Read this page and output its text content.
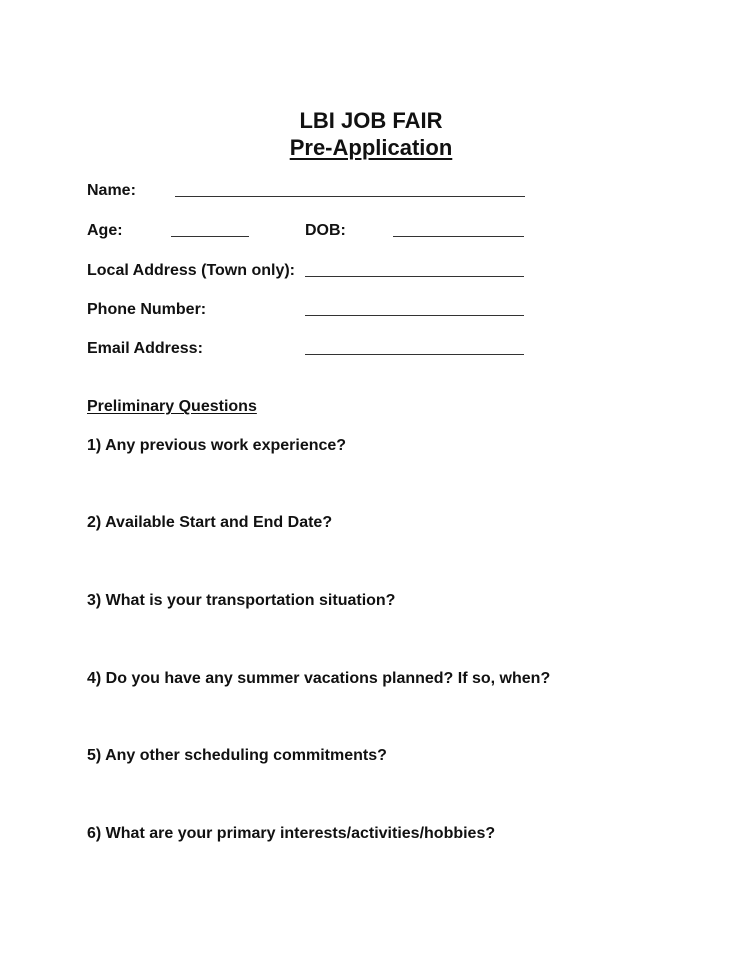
LBI JOB FAIR
Pre-Application
Name:
Age:	DOB:
Local Address (Town only):
Phone Number:
Email Address:
Preliminary Questions
1) Any previous work experience?
2) Available Start and End Date?
3) What is your transportation situation?
4) Do you have any summer vacations planned? If so, when?
5) Any other scheduling commitments?
6) What are your primary interests/activities/hobbies?
